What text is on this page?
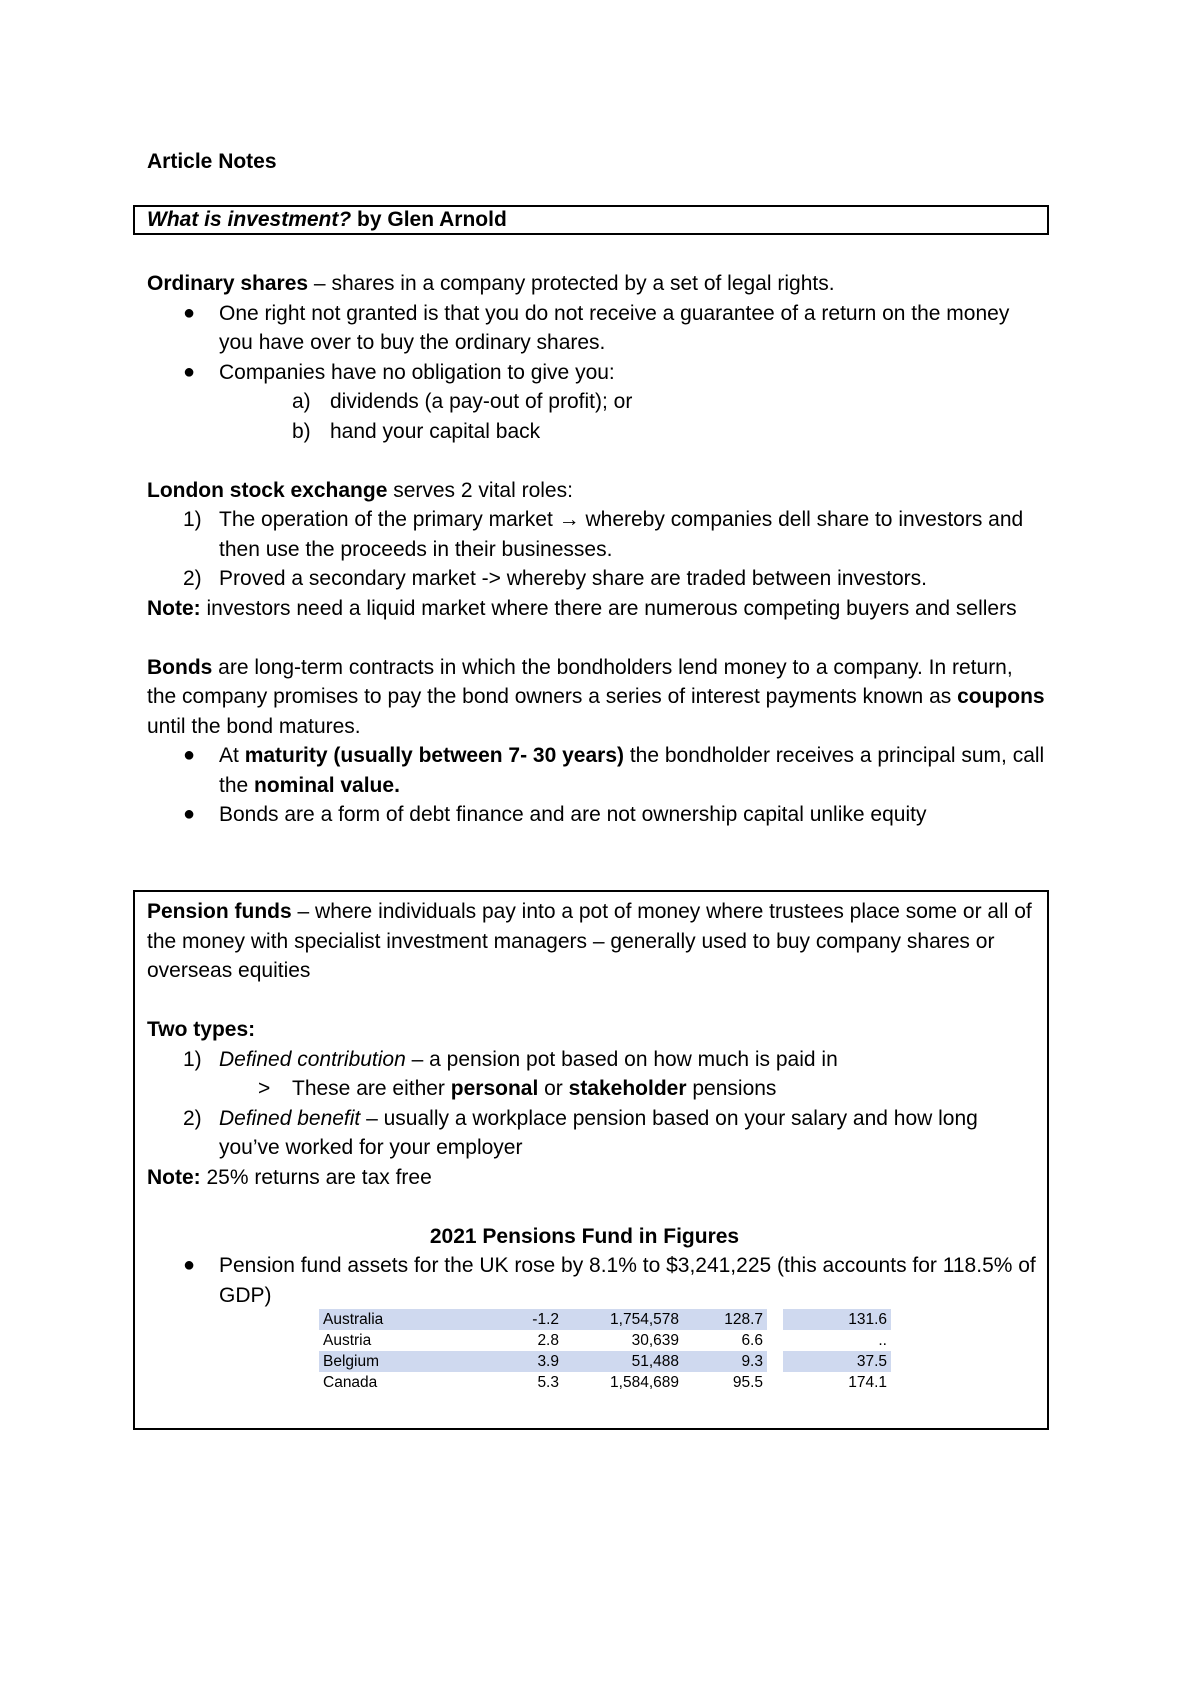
Article Notes
What is investment? by Glen Arnold

Ordinary shares – shares in a company protected by a set of legal rights.

● One right not granted is that you do not receive a guarantee of a return on the money you have over to buy the ordinary shares.
● Companies have no obligation to give you:
a) dividends (a pay-out of profit); or
b) hand your capital back

London stock exchange serves 2 vital roles:

1) The operation of the primary market → whereby companies dell share to investors and then use the proceeds in their businesses.
2) Proved a secondary market -> whereby share are traded between investors.

Note: investors need a liquid market where there are numerous competing buyers and sellers

Bonds are long-term contracts in which the bondholders lend money to a company. In return, the company promises to pay the bond owners a series of interest payments known as coupons until the bond matures.

● At maturity (usually between 7- 30 years) the bondholder receives a principal sum, call the nominal value.
● Bonds are a form of debt finance and are not ownership capital unlike equity

Pension funds – where individuals pay into a pot of money where trustees place some or all of the money with specialist investment managers – generally used to buy company shares or overseas equities

Two types:

1) Defined contribution – a pension pot based on how much is paid in
> These are either personal or stakeholder pensions
2) Defined benefit – usually a workplace pension based on your salary and how long you’ve worked for your employer

Note: 25% returns are tax free

2021 Pensions Fund in Figures

● Pension fund assets for the UK rose by 8.1% to $3,241,225 (this accounts for 118.5% of GDP)
Australia	-1.2	1,754,578	128.7		131.6
Austria	2.8	30,639	6.6		..
Belgium	3.9	51,488	9.3		37.5
Canada	5.3	1,584,689	95.5		174.1
